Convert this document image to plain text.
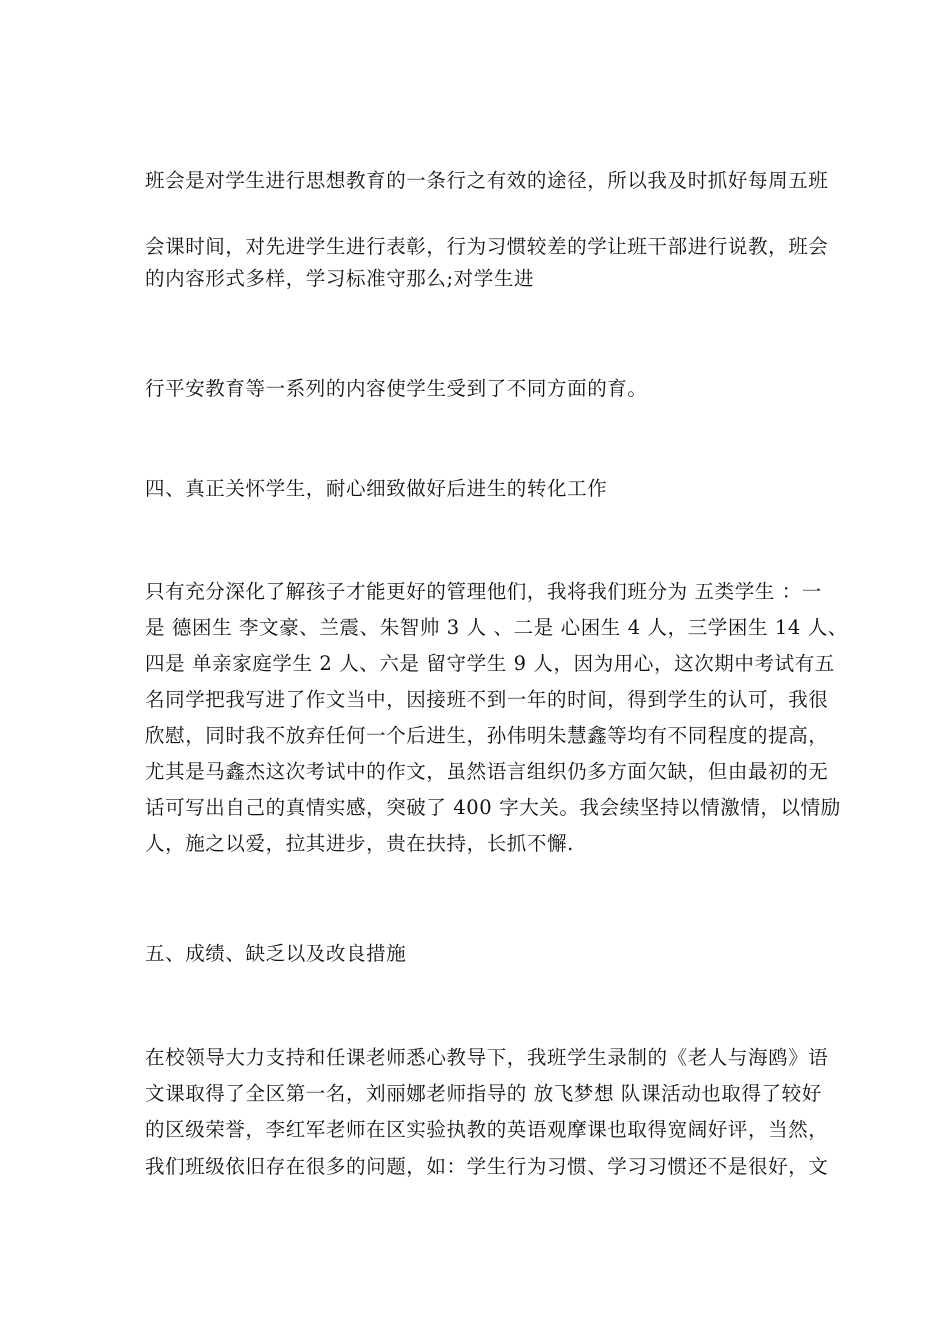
班会是对学生进行思想教育的一条行之有效的途径，所以我及时抓好每周五班
会课时间，对先进学生进行表彰，行为习惯较差的学让班干部进行说教，班会
的内容形式多样，学习标准守那么;对学生进
行平安教育等一系列的内容使学生受到了不同方面的育。
四、真正关怀学生，耐心细致做好后进生的转化工作
只有充分深化了解孩子才能更好的管理他们，我将我们班分为 五类学生 ：一
是 德困生 李文豪、兰震、朱智帅 3 人 、二是 心困生 4 人，三学困生 14 人、
四是 单亲家庭学生 2 人、六是 留守学生 9 人，因为用心，这次期中考试有五
名同学把我写进了作文当中，因接班不到一年的时间，得到学生的认可，我很
欣慰，同时我不放弃任何一个后进生，孙伟明朱慧鑫等均有不同程度的提高，
尤其是马鑫杰这次考试中的作文，虽然语言组织仍多方面欠缺，但由最初的无
话可写出自己的真情实感，突破了 400 字大关。我会续坚持以情激情，以情励
人，施之以爱，拉其进步，贵在扶持，长抓不懈.
五、成绩、缺乏以及改良措施
在校领导大力支持和任课老师悉心教导下，我班学生录制的《老人与海鸥》语
文课取得了全区第一名，刘丽娜老师指导的 放飞梦想 队课活动也取得了较好
的区级荣誉，李红军老师在区实验执教的英语观摩课也取得宽阔好评，当然，
我们班级依旧存在很多的问题，如：学生行为习惯、学习习惯还不是很好，文
